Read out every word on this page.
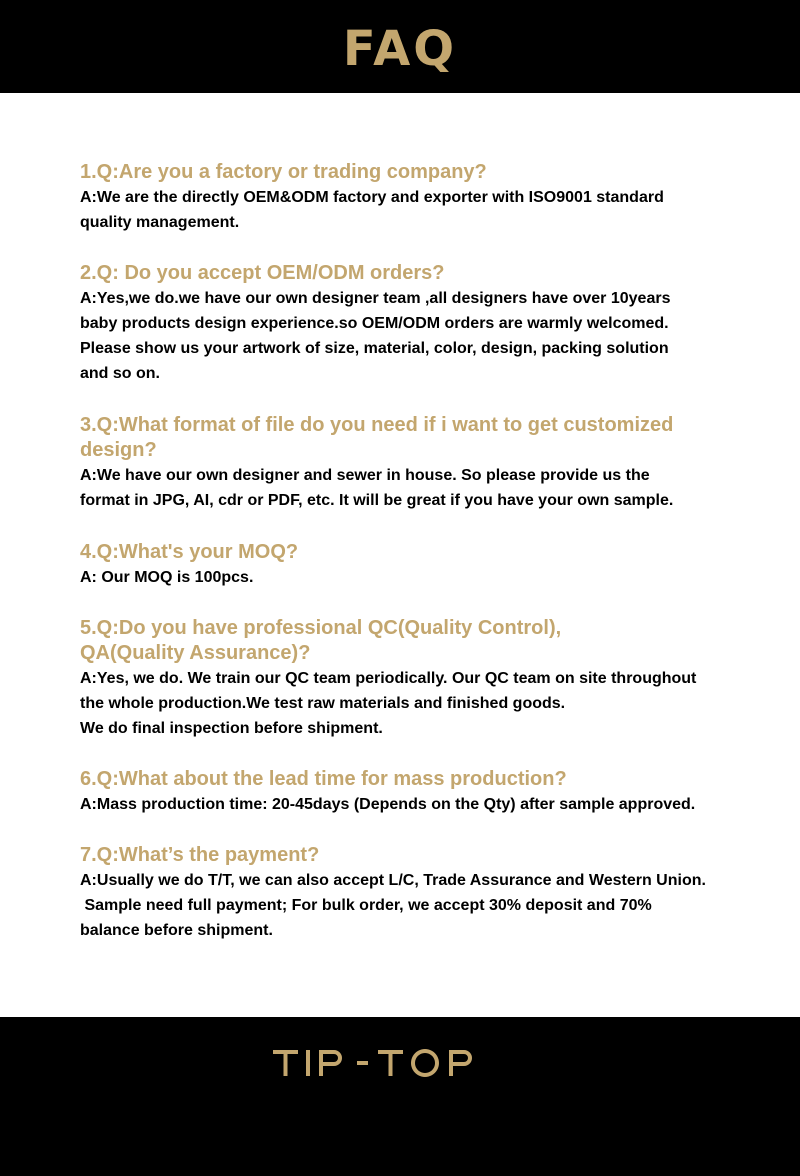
FAQ
1.Q:Are you a factory or trading company?
A:We are the directly OEM&ODM factory and exporter with ISO9001 standard
quality management.
2.Q: Do you accept OEM/ODM orders?
A:Yes,we do.we have our own designer team ,all designers have over 10years
baby products design experience.so OEM/ODM orders are warmly welcomed.
Please show us your artwork of size, material, color, design, packing solution
and so on.
3.Q:What format of file do you need if i want to get customized
design?
A:We have our own designer and sewer in house. So please provide us the
format in JPG, AI, cdr or PDF, etc. It will be great if you have your own sample.
4.Q:What's your MOQ?
A: Our MOQ is 100pcs.
5.Q:Do you have professional QC(Quality Control),
QA(Quality Assurance)?
A:Yes, we do. We train our QC team periodically. Our QC team on site throughout
the whole production.We test raw materials and finished goods.
We do final inspection before shipment.
6.Q:What about the lead time for mass production?
A:Mass production time: 20-45days (Depends on the Qty) after sample approved.
7.Q:What’s the payment?
A:Usually we do T/T, we can also accept L/C, Trade Assurance and Western Union.
Sample need full payment; For bulk order, we accept 30% deposit and 70%
balance before shipment.
